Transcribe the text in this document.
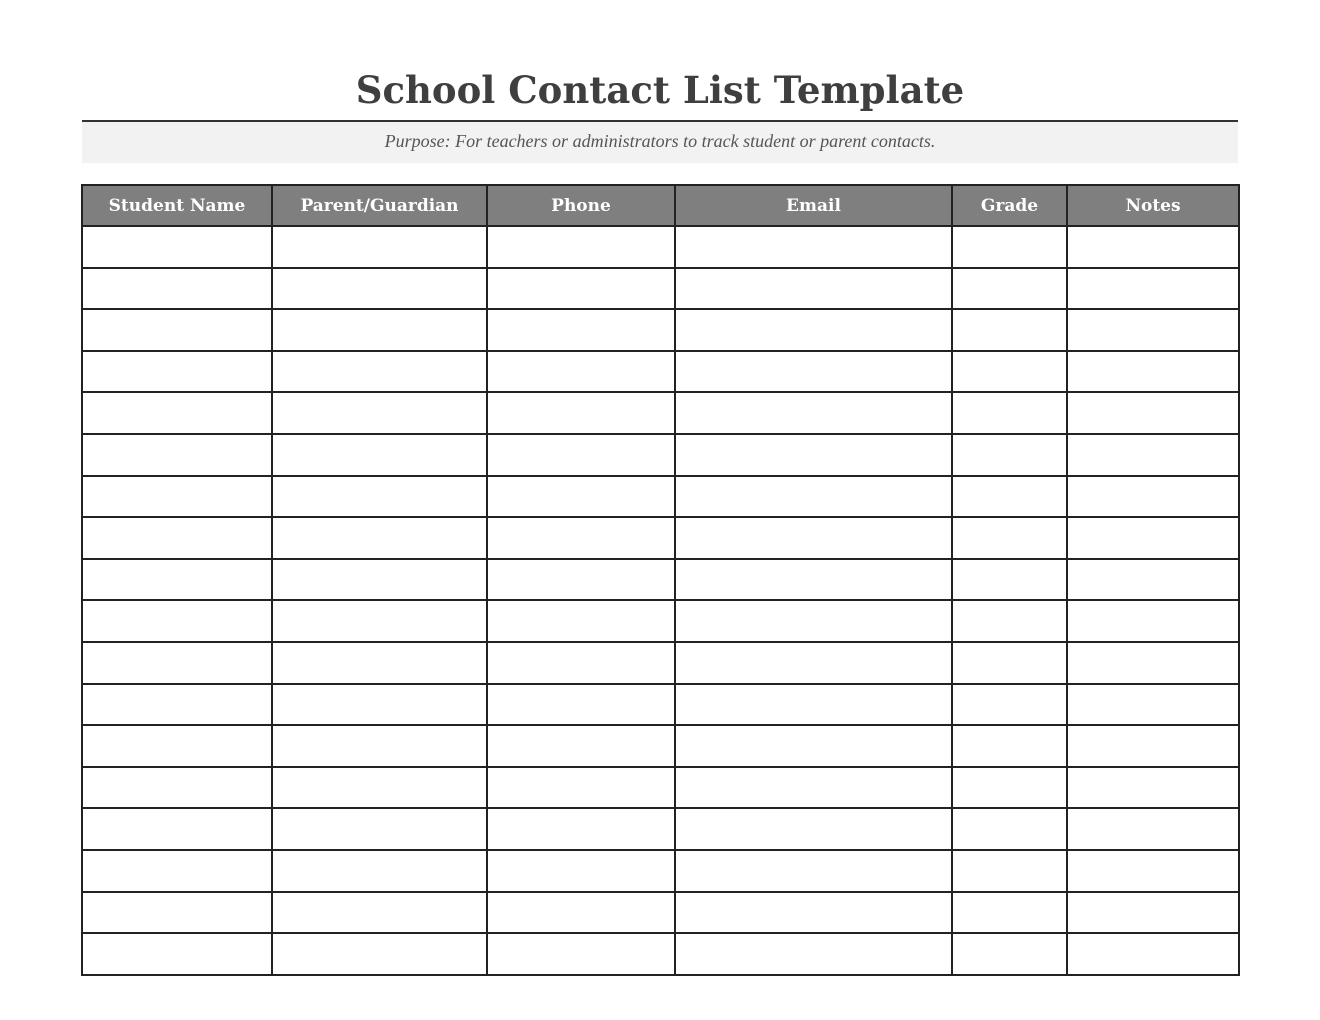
School Contact List Template
Purpose: For teachers or administrators to track student or parent contacts.
Student Name	Parent/Guardian	Phone	Email	Grade	Notes
